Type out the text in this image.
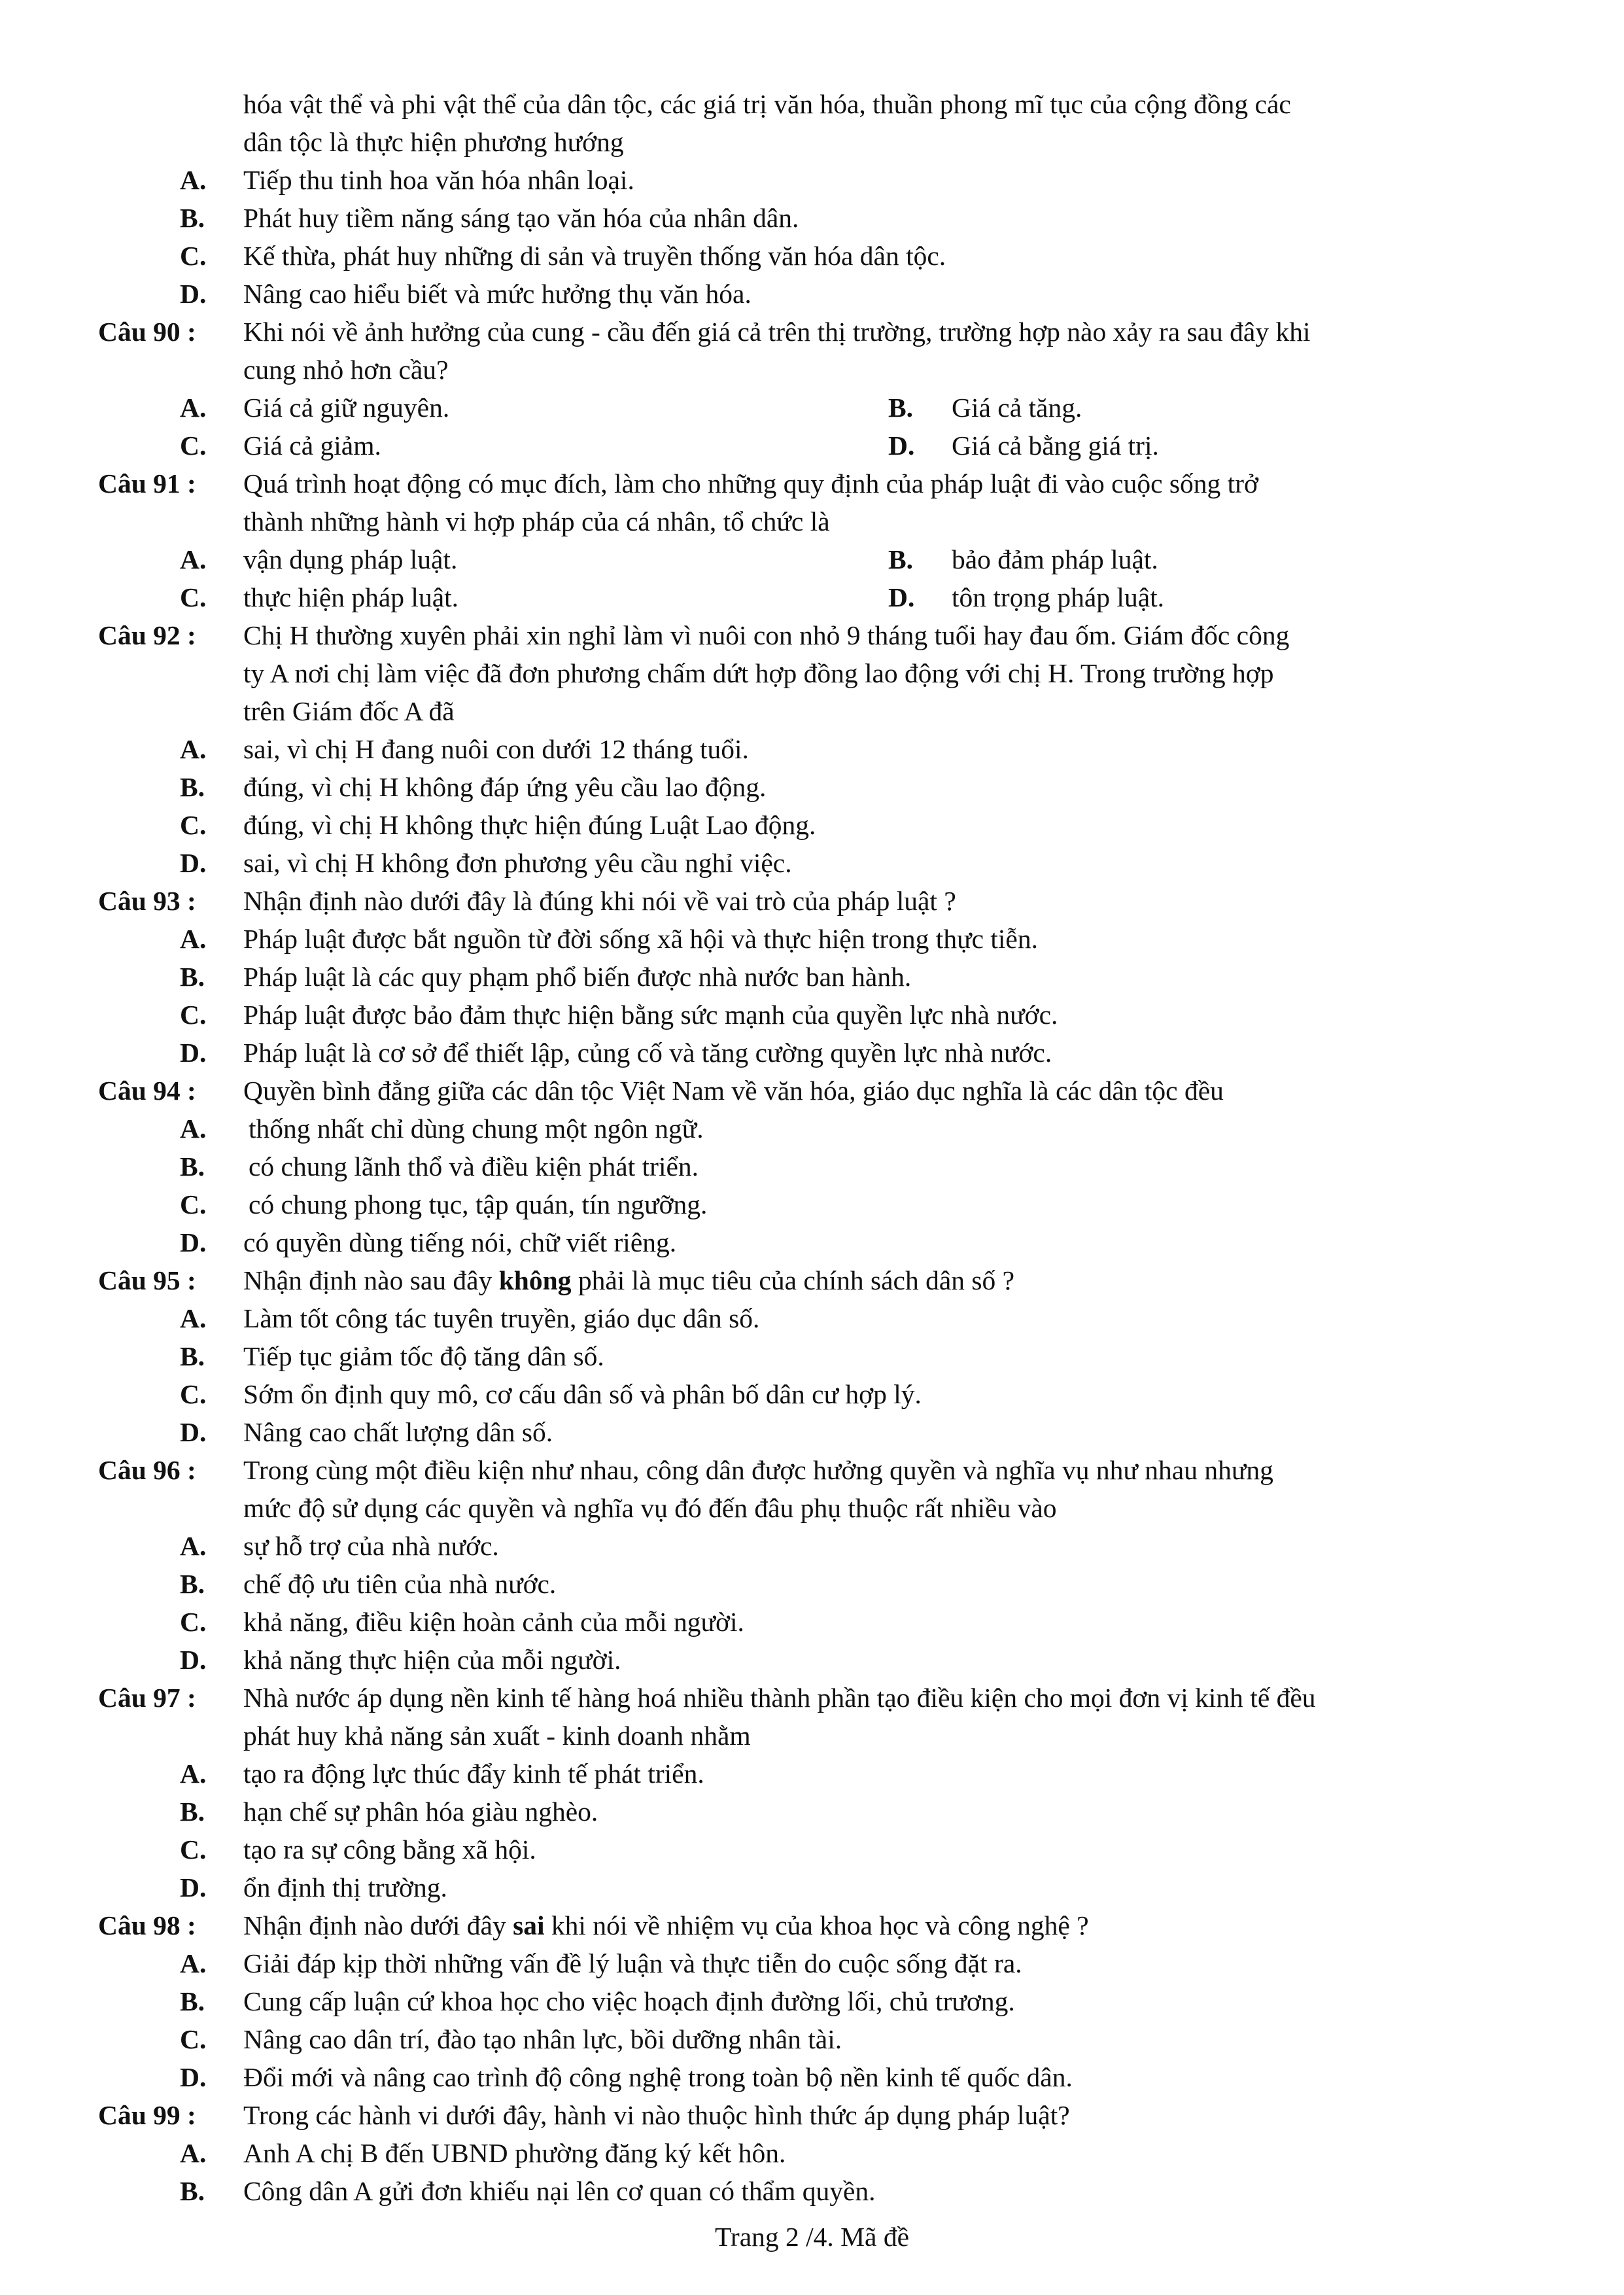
hóa vật thể và phi vật thể của dân tộc, các giá trị văn hóa, thuần phong mĩ tục của cộng đồng các
dân tộc là thực hiện phương hướng
A. Tiếp thu tinh hoa văn hóa nhân loại.
B. Phát huy tiềm năng sáng tạo văn hóa của nhân dân.
C. Kế thừa, phát huy những di sản và truyền thống văn hóa dân tộc.
D. Nâng cao hiểu biết và mức hưởng thụ văn hóa.
Câu 90 : Khi nói về ảnh hưởng của cung - cầu đến giá cả trên thị trường, trường hợp nào xảy ra sau đây khi
cung nhỏ hơn cầu?
A. Giá cả giữ nguyên.	B. Giá cả tăng.
C. Giá cả giảm.	D. Giá cả bằng giá trị.
Câu 91 : Quá trình hoạt động có mục đích, làm cho những quy định của pháp luật đi vào cuộc sống trở
thành những hành vi hợp pháp của cá nhân, tổ chức là
A. vận dụng pháp luật.	B. bảo đảm pháp luật.
C. thực hiện pháp luật.	D. tôn trọng pháp luật.
Câu 92 : Chị H thường xuyên phải xin nghỉ làm vì nuôi con nhỏ 9 tháng tuổi hay đau ốm. Giám đốc công
ty A nơi chị làm việc đã đơn phương chấm dứt hợp đồng lao động với chị H. Trong trường hợp
trên Giám đốc A đã
A. sai, vì chị H đang nuôi con dưới 12 tháng tuổi.
B. đúng, vì chị H không đáp ứng yêu cầu lao động.
C. đúng, vì chị H không thực hiện đúng Luật Lao động.
D. sai, vì chị H không đơn phương yêu cầu nghỉ việc.
Câu 93 : Nhận định nào dưới đây là đúng khi nói về vai trò của pháp luật ?
A. Pháp luật được bắt nguồn từ đời sống xã hội và thực hiện trong thực tiễn.
B. Pháp luật là các quy phạm phổ biến được nhà nước ban hành.
C. Pháp luật được bảo đảm thực hiện bằng sức mạnh của quyền lực nhà nước.
D. Pháp luật là cơ sở để thiết lập, củng cố và tăng cường quyền lực nhà nước.
Câu 94 : Quyền bình đẳng giữa các dân tộc Việt Nam về văn hóa, giáo dục nghĩa là các dân tộc đều
A. thống nhất chỉ dùng chung một ngôn ngữ.
B. có chung lãnh thổ và điều kiện phát triển.
C. có chung phong tục, tập quán, tín ngưỡng.
D. có quyền dùng tiếng nói, chữ viết riêng.
Câu 95 : Nhận định nào sau đây không phải là mục tiêu của chính sách dân số ?
A. Làm tốt công tác tuyên truyền, giáo dục dân số.
B. Tiếp tục giảm tốc độ tăng dân số.
C. Sớm ổn định quy mô, cơ cấu dân số và phân bố dân cư hợp lý.
D. Nâng cao chất lượng dân số.
Câu 96 : Trong cùng một điều kiện như nhau, công dân được hưởng quyền và nghĩa vụ như nhau nhưng
mức độ sử dụng các quyền và nghĩa vụ đó đến đâu phụ thuộc rất nhiều vào
A. sự hỗ trợ của nhà nước.
B. chế độ ưu tiên của nhà nước.
C. khả năng, điều kiện hoàn cảnh của mỗi người.
D. khả năng thực hiện của mỗi người.
Câu 97 : Nhà nước áp dụng nền kinh tế hàng hoá nhiều thành phần tạo điều kiện cho mọi đơn vị kinh tế đều
phát huy khả năng sản xuất - kinh doanh nhằm
A. tạo ra động lực thúc đẩy kinh tế phát triển.
B. hạn chế sự phân hóa giàu nghèo.
C. tạo ra sự công bằng xã hội.
D. ổn định thị trường.
Câu 98 : Nhận định nào dưới đây sai khi nói về nhiệm vụ của khoa học và công nghệ ?
A. Giải đáp kịp thời những vấn đề lý luận và thực tiễn do cuộc sống đặt ra.
B. Cung cấp luận cứ khoa học cho việc hoạch định đường lối, chủ trương.
C. Nâng cao dân trí, đào tạo nhân lực, bồi dưỡng nhân tài.
D. Đổi mới và nâng cao trình độ công nghệ trong toàn bộ nền kinh tế quốc dân.
Câu 99 : Trong các hành vi dưới đây, hành vi nào thuộc hình thức áp dụng pháp luật?
A. Anh A chị B đến UBND phường đăng ký kết hôn.
B. Công dân A gửi đơn khiếu nại lên cơ quan có thẩm quyền.
Trang 2 /4. Mã đề
